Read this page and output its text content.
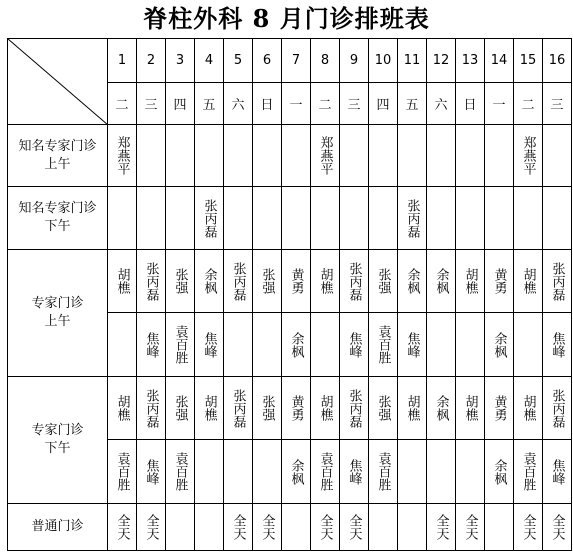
脊柱外科 8 月门诊排班表
	1	2	3	4	5	6	7	8	9	10	11	12	13	14	15	16
	二	三	四	五	六	日	一	二	三	四	五	六	日	一	二	三

知名专家门诊
上午	郑燕平							郑燕平							郑燕平	

知名专家门诊
下午				张丙磊							张丙磊					

专家门诊
上午	胡樵	张丙磊	张强	余枫	张丙磊	张强	黄勇	胡樵	张丙磊	张强	余枫	余枫	胡樵	黄勇	胡樵	张丙磊

		焦峰	袁百胜	焦峰			余枫		焦峰	袁百胜	焦峰			余枫		焦峰

专家门诊
下午	胡樵	张丙磊	张强	胡樵	张丙磊	张强	黄勇	胡樵	张丙磊	张强	胡樵	余枫	胡樵	黄勇	胡樵	张丙磊

	袁百胜	焦峰	袁百胜				余枫	袁百胜	焦峰	袁百胜				余枫	袁百胜	焦峰

普通门诊	全天	全天			全天	全天		全天	全天			全天	全天		全天	全天
